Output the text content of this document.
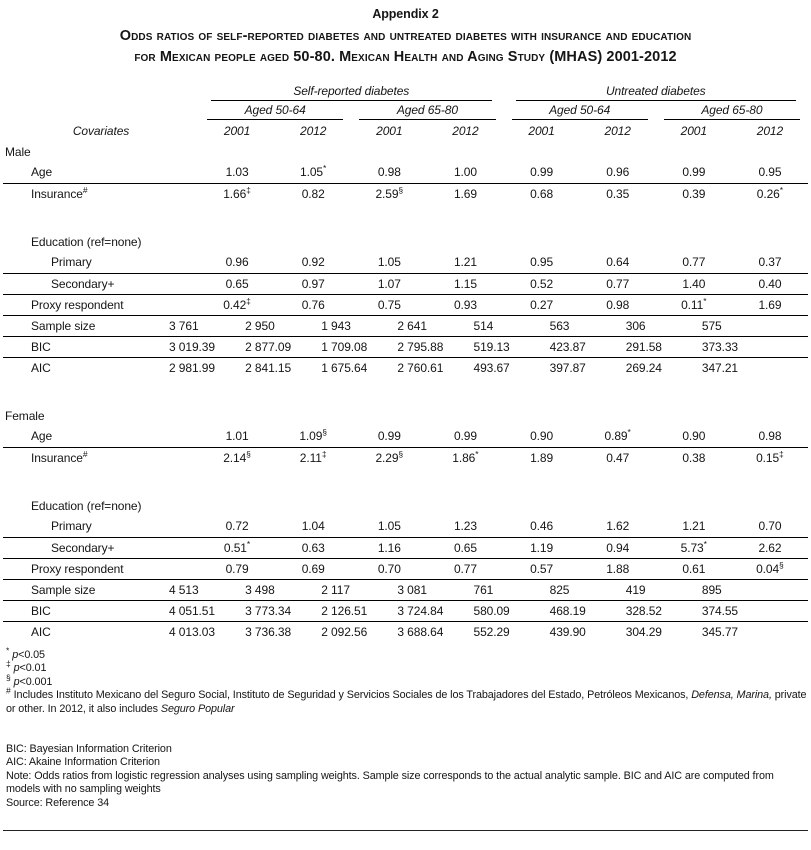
Appendix 2
Odds ratios of self-reported diabetes and untreated diabetes with insurance and education
for Mexican people aged 50-80. Mexican Health and Aging Study (MHAS) 2001-2012

	Self-reported diabetes				Untreated diabetes			

	Aged 50-64		Aged 65-80		Aged 50-64		Aged 65-80	

Covariates	2001	2012	2001	2012	2001	2012	2001	2012
Male								
Age	1.03	1.05*	0.98	1.00	0.99	0.96	0.99	0.95
Insurance#	1.66‡	0.82	2.59§	1.69	0.68	0.35	0.39	0.26*

Education (ref=none)								
Primary	0.96	0.92	1.05	1.21	0.95	0.64	0.77	0.37
Secondary+	0.65	0.97	1.07	1.15	0.52	0.77	1.40	0.40
Proxy respondent	0.42‡	0.76	0.75	0.93	0.27	0.98	0.11*	1.69
Sample size	3 761	2 950	1 943	2 641	514	563	306	575
BIC	3 019.39	2 877.09	1 709.08	2 795.88	519.13	423.87	291.58	373.33
AIC	2 981.99	2 841.15	1 675.64	2 760.61	493.67	397.87	269.24	347.21

Female								
Age	1.01	1.09§	0.99	0.99	0.90	0.89*	0.90	0.98
Insurance#	2.14§	2.11‡	2.29§	1.86*	1.89	0.47	0.38	0.15‡

Education (ref=none)								
Primary	0.72	1.04	1.05	1.23	0.46	1.62	1.21	0.70
Secondary+	0.51*	0.63	1.16	0.65	1.19	0.94	5.73*	2.62
Proxy respondent	0.79	0.69	0.70	0.77	0.57	1.88	0.61	0.04§
Sample size	4 513	3 498	2 117	3 081	761	825	419	895
BIC	4 051.51	3 773.34	2 126.51	3 724.84	580.09	468.19	328.52	374.55
AIC	4 013.03	3 736.38	2 092.56	3 688.64	552.29	439.90	304.29	345.77
* p<0.05
‡ p<0.01
§ p<0.001
# Includes Instituto Mexicano del Seguro Social, Instituto de Seguridad y Servicios Sociales de los Trabajadores del Estado, Petróleos Mexicanos, Defensa, Marina, private or other. In 2012, it also includes Seguro Popular
BIC: Bayesian Information Criterion
AIC: Akaine Information Criterion
Note: Odds ratios from logistic regression analyses using sampling weights. Sample size corresponds to the actual analytic sample. BIC and AIC are computed from models with no sampling weights
Source: Reference 34
